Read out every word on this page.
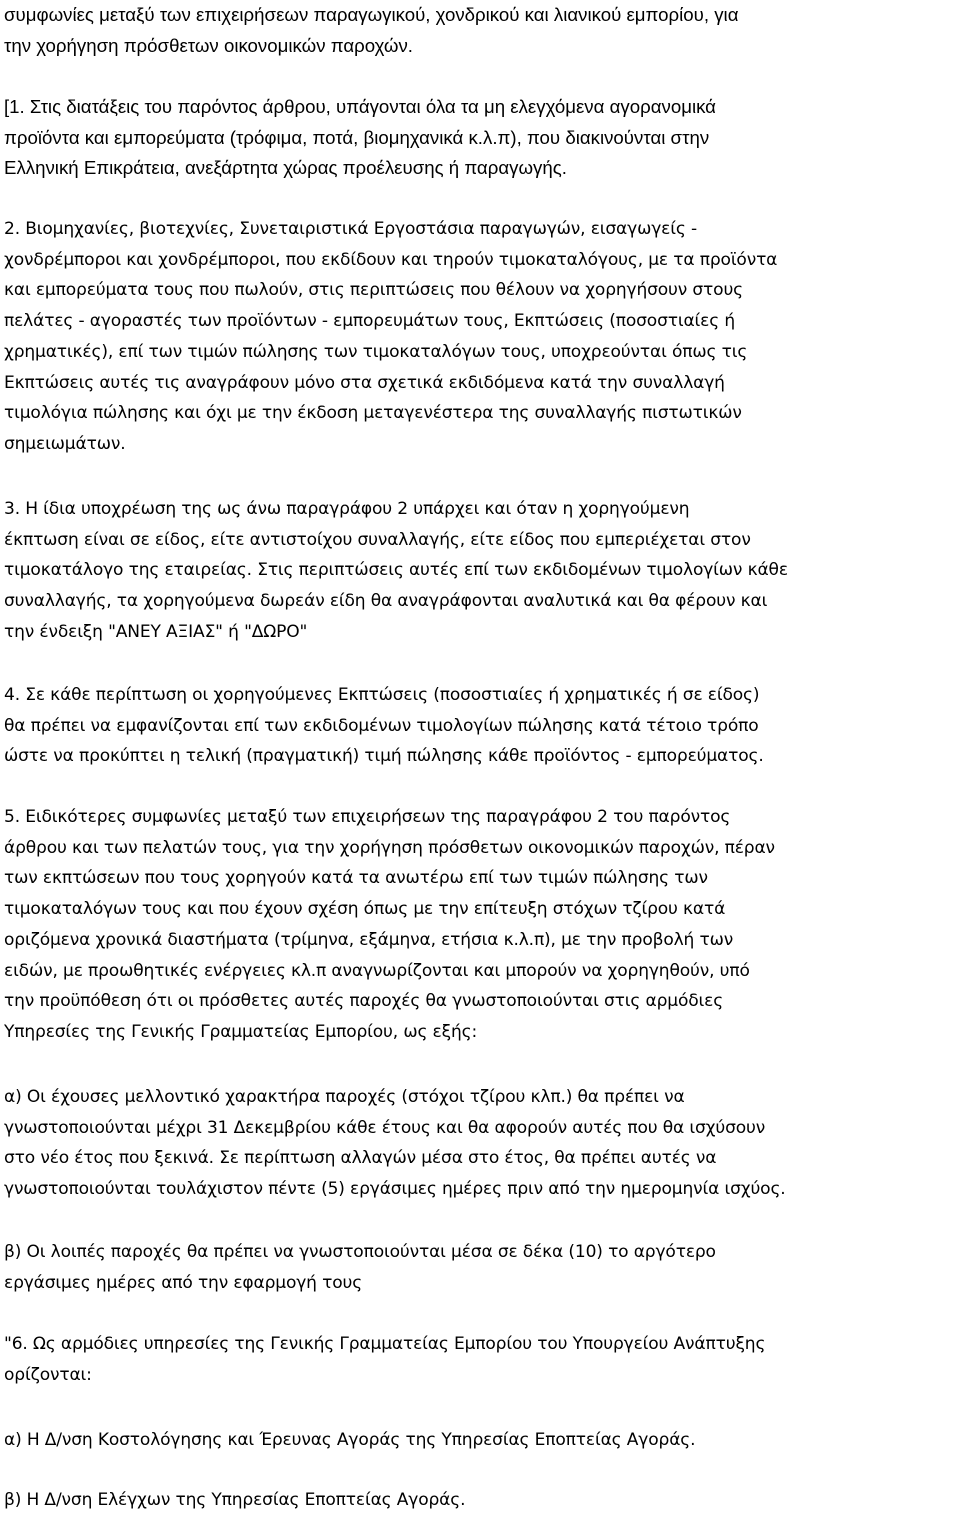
συμφωνίες μεταξύ των επιχειρήσεων παραγωγικού, χονδρικού και λιανικού εμπορίου, για
την χορήγηση πρόσθετων οικονομικών παροχών.

[1. Στις διατάξεις του παρόντος άρθρου, υπάγονται όλα τα μη ελεγχόμενα αγορανομικά
προϊόντα και εμπορεύματα (τρόφιμα, ποτά, βιομηχανικά κ.λ.π), που διακινούνται στην
Ελληνική Επικράτεια, ανεξάρτητα χώρας προέλευσης ή παραγωγής.

2. Βιομηχανίες, βιοτεχνίες, Συνεταιριστικά Εργοστάσια παραγωγών, εισαγωγείς -
χονδρέμποροι και χονδρέμποροι, που εκδίδουν και τηρούν τιμοκαταλόγους, με τα προϊόντα
και εμπορεύματα τους που πωλούν, στις περιπτώσεις που θέλουν να χορηγήσουν στους
πελάτες - αγοραστές των προϊόντων - εμπορευμάτων τους, Εκπτώσεις (ποσοστιαίες ή
χρηματικές), επί των τιμών πώλησης των τιμοκαταλόγων τους, υποχρεούνται όπως τις
Εκπτώσεις αυτές τις αναγράφουν μόνο στα σχετικά εκδιδόμενα κατά την συναλλαγή
τιμολόγια πώλησης και όχι με την έκδοση μεταγενέστερα της συναλλαγής πιστωτικών
σημειωμάτων.

3. Η ίδια υποχρέωση της ως άνω παραγράφου 2 υπάρχει και όταν η χορηγούμενη
έκπτωση είναι σε είδος, είτε αντιστοίχου συναλλαγής, είτε είδος που εμπεριέχεται στον
τιμοκατάλογο της εταιρείας. Στις περιπτώσεις αυτές επί των εκδιδομένων τιμολογίων κάθε
συναλλαγής, τα χορηγούμενα δωρεάν είδη θα αναγράφονται αναλυτικά και θα φέρουν και
την ένδειξη "ΑΝΕΥ ΑΞΙΑΣ" ή "ΔΩΡΟ"

4. Σε κάθε περίπτωση οι χορηγούμενες Εκπτώσεις (ποσοστιαίες ή χρηματικές ή σε είδος)
θα πρέπει να εμφανίζονται επί των εκδιδομένων τιμολογίων πώλησης κατά τέτοιο τρόπο
ώστε να προκύπτει η τελική (πραγματική) τιμή πώλησης κάθε προϊόντος - εμπορεύματος.

5. Ειδικότερες συμφωνίες μεταξύ των επιχειρήσεων της παραγράφου 2 του παρόντος
άρθρου και των πελατών τους, για την χορήγηση πρόσθετων οικονομικών παροχών, πέραν
των εκπτώσεων που τους χορηγούν κατά τα ανωτέρω επί των τιμών πώλησης των
τιμοκαταλόγων τους και που έχουν σχέση όπως με την επίτευξη στόχων τζίρου κατά
οριζόμενα χρονικά διαστήματα (τρίμηνα, εξάμηνα, ετήσια κ.λ.π), με την προβολή των
ειδών, με προωθητικές ενέργειες κλ.π αναγνωρίζονται και μπορούν να χορηγηθούν, υπό
την προϋπόθεση ότι οι πρόσθετες αυτές παροχές θα γνωστοποιούνται στις αρμόδιες
Υπηρεσίες της Γενικής Γραμματείας Εμπορίου, ως εξής:

α) Οι έχουσες μελλοντικό χαρακτήρα παροχές (στόχοι τζίρου κλπ.) θα πρέπει να
γνωστοποιούνται μέχρι 31 Δεκεμβρίου κάθε έτους και θα αφορούν αυτές που θα ισχύσουν
στο νέο έτος που ξεκινά. Σε περίπτωση αλλαγών μέσα στο έτος, θα πρέπει αυτές να
γνωστοποιούνται τουλάχιστον πέντε (5) εργάσιμες ημέρες πριν από την ημερομηνία ισχύος.

β) Οι λοιπές παροχές θα πρέπει να γνωστοποιούνται μέσα σε δέκα (10) το αργότερο
εργάσιμες ημέρες από την εφαρμογή τους

"6. Ως αρμόδιες υπηρεσίες της Γενικής Γραμματείας Εμπορίου του Υπουργείου Ανάπτυξης
ορίζονται:

α) Η Δ/νση Κοστολόγησης και Έρευνας Αγοράς της Υπηρεσίας Εποπτείας Αγοράς.

β) Η Δ/νση Ελέγχων της Υπηρεσίας Εποπτείας Αγοράς.
